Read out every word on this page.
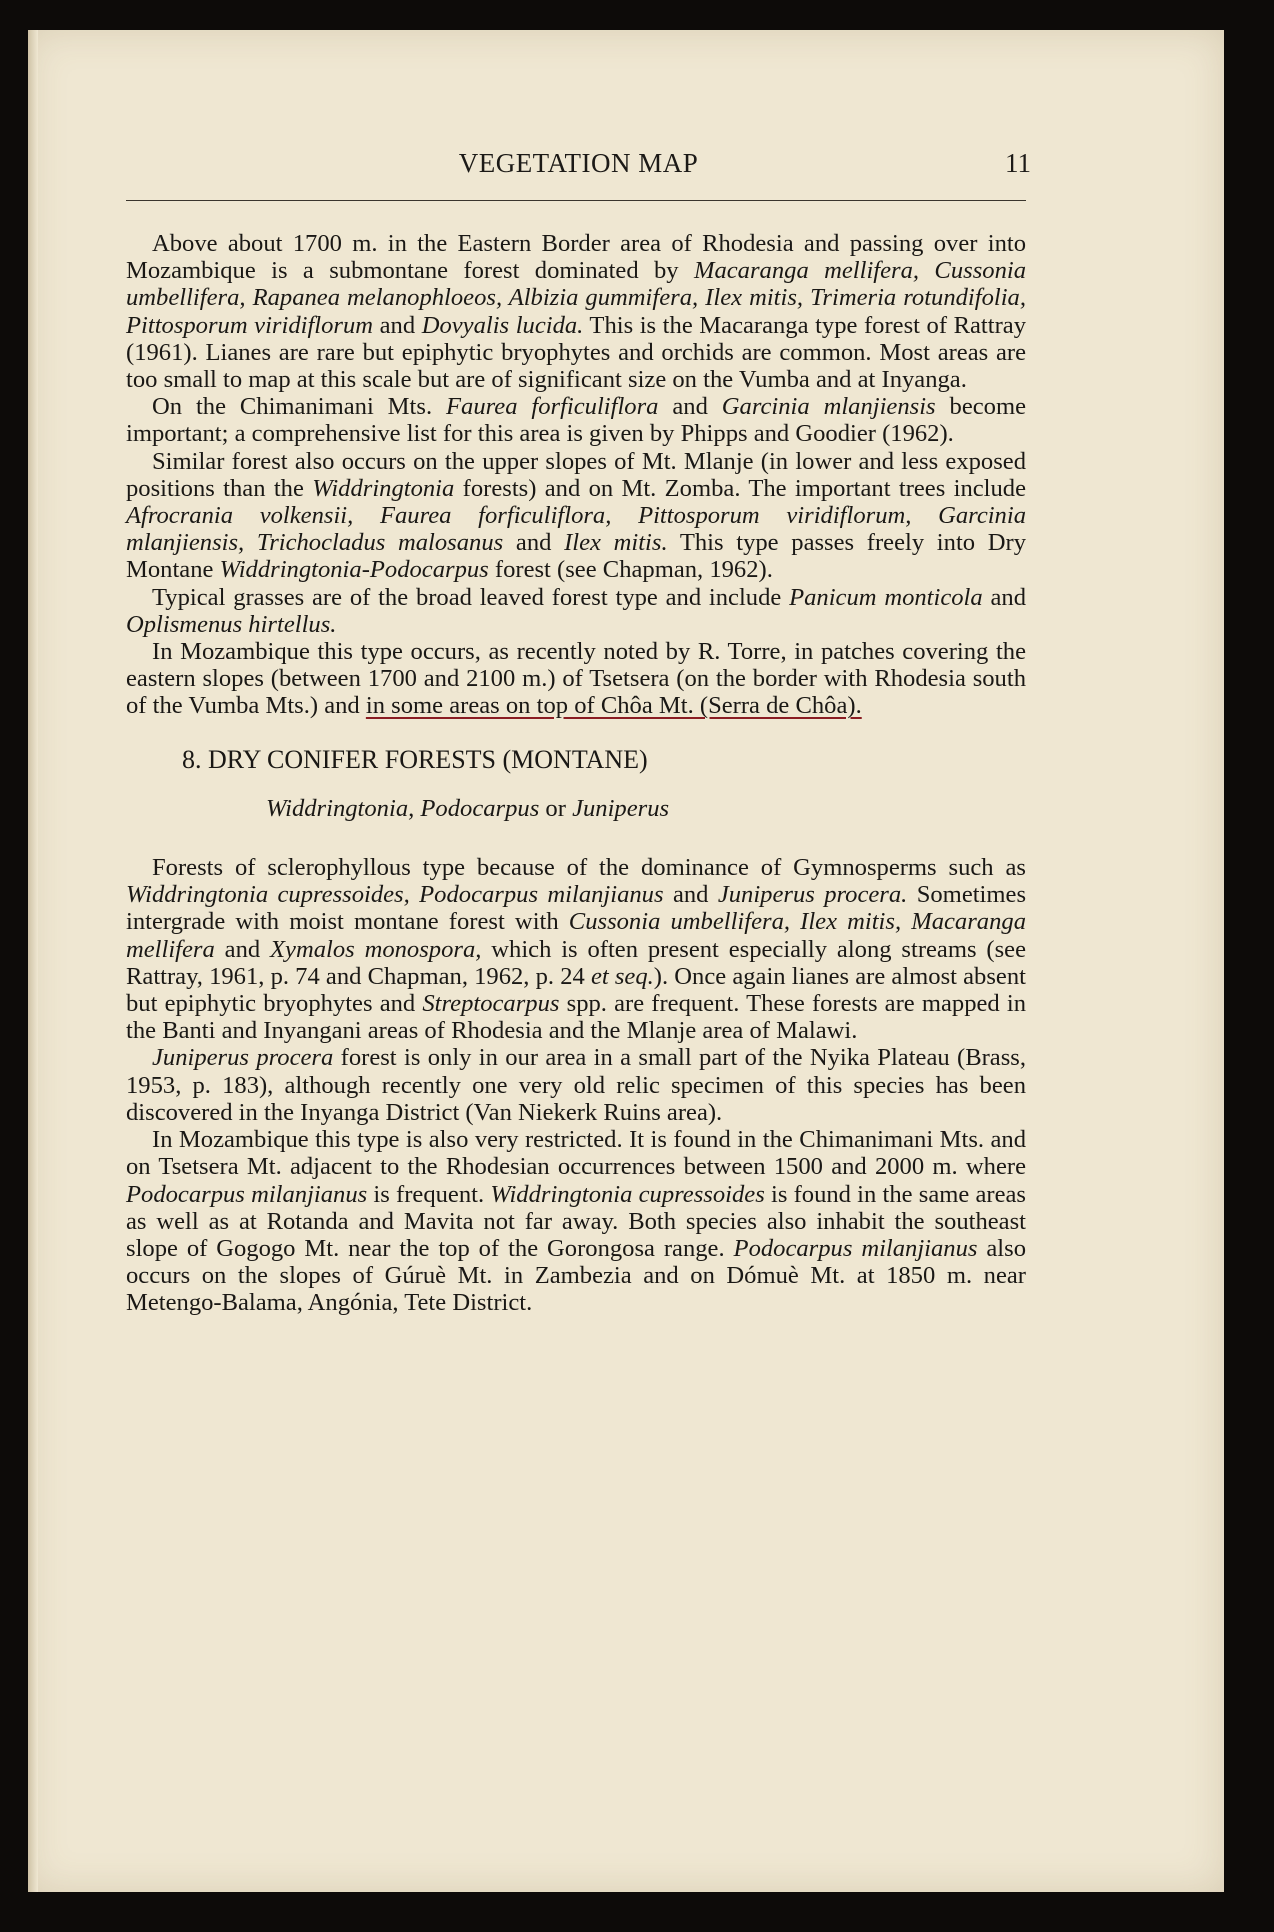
VEGETATION MAP	11

Above about 1700 m. in the Eastern Border area of Rhodesia and passing over into Mozambique is a submontane forest dominated by Macaranga mellifera, Cussonia umbellifera, Rapanea melanophloeos, Albizia gummifera, Ilex mitis, Trimeria rotundifolia, Pittosporum viridiflorum and Dovyalis lucida. This is the Macaranga type forest of Rattray (1961). Lianes are rare but epiphytic bryophytes and orchids are common. Most areas are too small to map at this scale but are of significant size on the Vumba and at Inyanga.

On the Chimanimani Mts. Faurea forficuliflora and Garcinia mlanjiensis become important; a comprehensive list for this area is given by Phipps and Goodier (1962).

Similar forest also occurs on the upper slopes of Mt. Mlanje (in lower and less exposed positions than the Widdringtonia forests) and on Mt. Zomba. The important trees include Afrocrania volkensii, Faurea forficuliflora, Pittosporum viridiflorum, Garcinia mlanjiensis, Trichocladus malosanus and Ilex mitis. This type passes freely into Dry Montane Widdringtonia-Podocarpus forest (see Chapman, 1962).

Typical grasses are of the broad leaved forest type and include Panicum monticola and Oplismenus hirtellus.

In Mozambique this type occurs, as recently noted by R. Torre, in patches covering the eastern slopes (between 1700 and 2100 m.) of Tsetsera (on the border with Rhodesia south of the Vumba Mts.) and in some areas on top of Chôa Mt. (Serra de Chôa).

8. DRY CONIFER FORESTS (MONTANE)

Widdringtonia, Podocarpus or Juniperus

Forests of sclerophyllous type because of the dominance of Gymnosperms such as Widdringtonia cupressoides, Podocarpus milanjianus and Juniperus procera. Sometimes intergrade with moist montane forest with Cussonia umbellifera, Ilex mitis, Macaranga mellifera and Xymalos monospora, which is often present especially along streams (see Rattray, 1961, p. 74 and Chapman, 1962, p. 24 et seq.). Once again lianes are almost absent but epiphytic bryophytes and Streptocarpus spp. are frequent. These forests are mapped in the Banti and Inyangani areas of Rhodesia and the Mlanje area of Malawi.

Juniperus procera forest is only in our area in a small part of the Nyika Plateau (Brass, 1953, p. 183), although recently one very old relic specimen of this species has been discovered in the Inyanga District (Van Niekerk Ruins area).

In Mozambique this type is also very restricted. It is found in the Chimanimani Mts. and on Tsetsera Mt. adjacent to the Rhodesian occurrences between 1500 and 2000 m. where Podocarpus milanjianus is frequent. Widdringtonia cupressoides is found in the same areas as well as at Rotanda and Mavita not far away. Both species also inhabit the southeast slope of Gogogo Mt. near the top of the Gorongosa range. Podocarpus milanjianus also occurs on the slopes of Gúruè Mt. in Zambezia and on Dómuè Mt. at 1850 m. near Metengo-Balama, Angónia, Tete District.
